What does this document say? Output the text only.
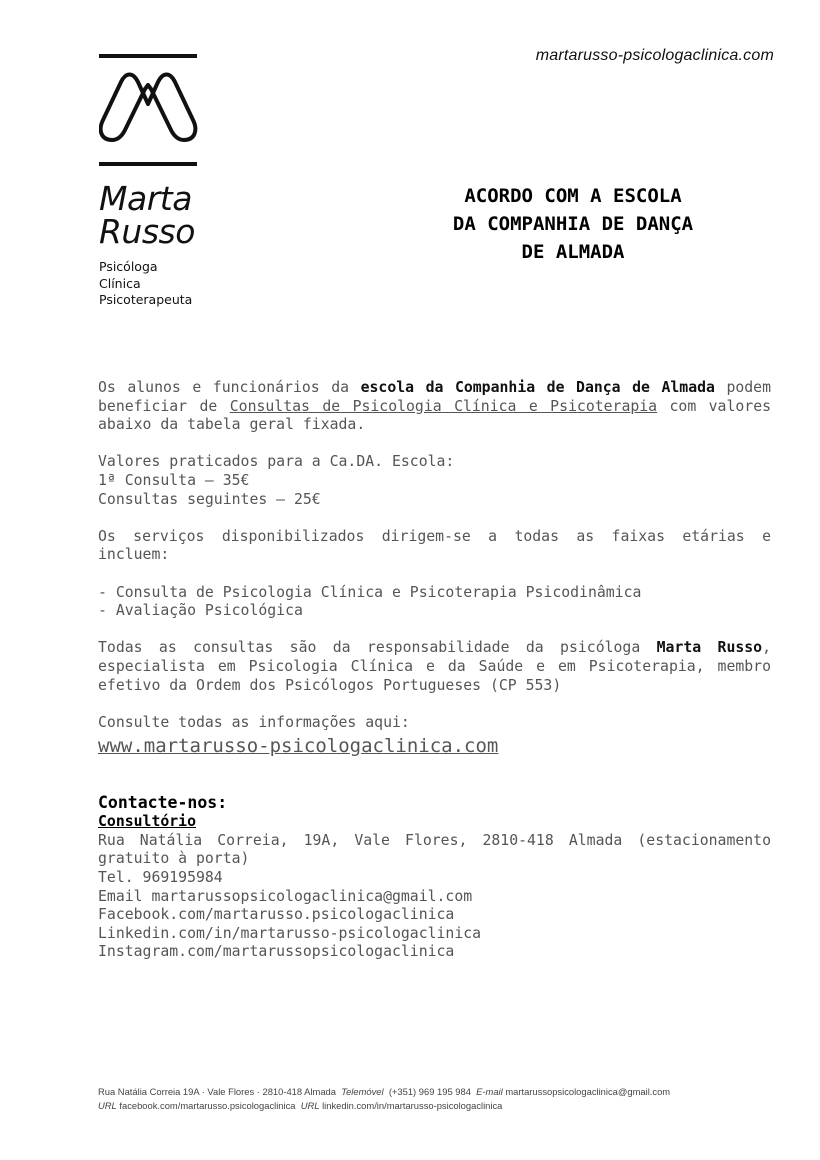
martarusso-psicologaclinica.com
Marta
Russo
Psicóloga
Clínica
Psicoterapeuta
ACORDO COM A ESCOLA
DA COMPANHIA DE DANÇA
DE ALMADA

Os alunos e funcionários da escola da Companhia de Dança de Almada podem beneficiar de Consultas de Psicologia Clínica e Psicoterapia com valores abaixo da tabela geral fixada.

Valores praticados para a Ca.DA. Escola:

1ª Consulta – 35€

Consultas seguintes – 25€

Os serviços disponibilizados dirigem-se a todas as faixas etárias e incluem:

- Consulta de Psicologia Clínica e Psicoterapia Psicodinâmica

- Avaliação Psicológica

Todas as consultas são da responsabilidade da psicóloga Marta Russo, especialista em Psicologia Clínica e da Saúde e em Psicoterapia, membro efetivo da Ordem dos Psicólogos Portugueses (CP 553)

Consulte todas as informações aqui:

www.martarusso-psicologaclinica.com
Contacte-nos:

Consultório

Rua Natália Correia, 19A, Vale Flores, 2810-418 Almada (estacionamento gratuito à porta)

Tel. 969195984

Email martarussopsicologaclinica@gmail.com

Facebook.com/martarusso.psicologaclinica

Linkedin.com/in/martarusso-psicologaclinica

Instagram.com/martarussopsicologaclinica

Rua Natália Correia 19A · Vale Flores · 2810-418 Almada Telemóvel (+351) 969 195 984 E-mail martarussopsicologaclinica@gmail.com
URL facebook.com/martarusso.psicologaclinica URL linkedin.com/in/martarusso-psicologaclinica
